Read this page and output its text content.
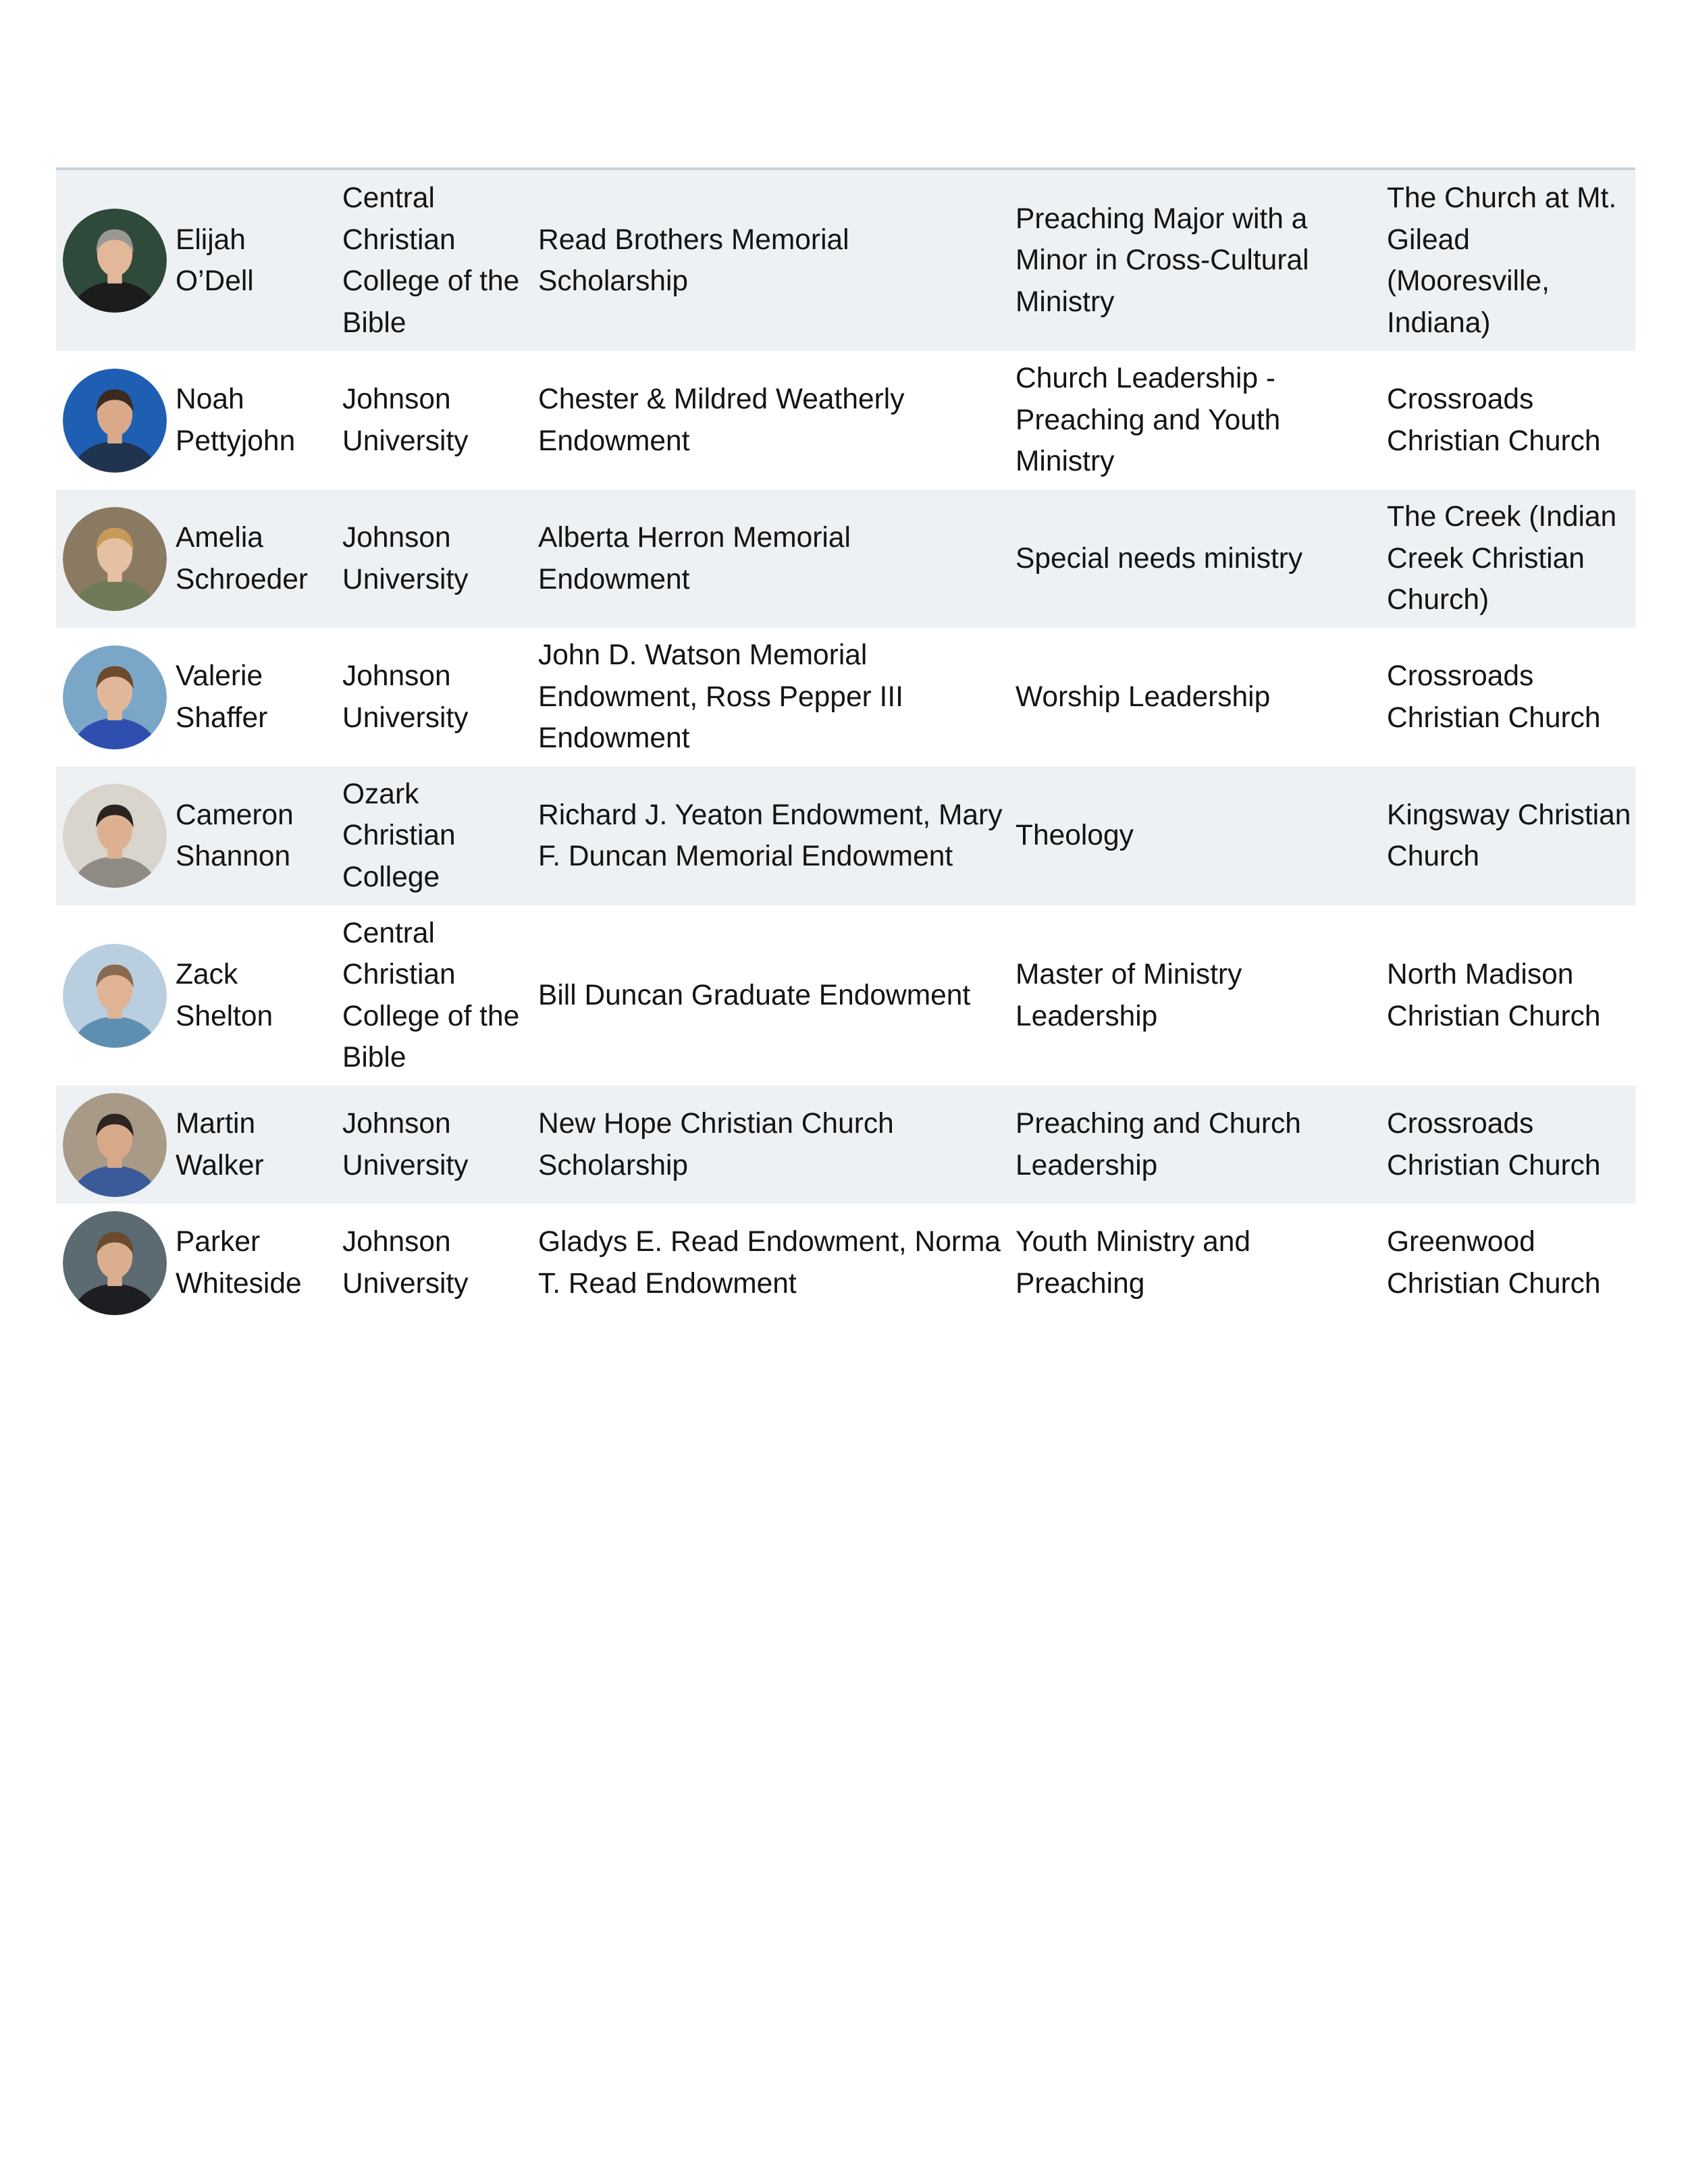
Elijah O’Dell
Central Christian College of the Bible
Read Brothers Memorial Scholarship
Preaching Major with a Minor in Cross-Cultural Ministry
The Church at Mt. Gilead (Mooresville, Indiana)
Noah Pettyjohn
Johnson University
Chester & Mildred Weatherly Endowment
Church Leadership - Preaching and Youth Ministry
Crossroads Christian Church
Amelia Schroeder
Johnson University
Alberta Herron Memorial Endowment
Special needs ministry
The Creek (Indian Creek Christian Church)
Valerie Shaffer
Johnson University
John D. Watson Memorial Endowment, Ross Pepper III Endowment
Worship Leadership
Crossroads Christian Church
Cameron Shannon
Ozark Christian College
Richard J. Yeaton Endowment, Mary F. Duncan Memorial Endowment
Theology
Kingsway Christian Church
Zack Shelton
Central Christian College of the Bible
Bill Duncan Graduate Endowment
Master of Ministry Leadership
North Madison Christian Church
Martin Walker
Johnson University
New Hope Christian Church Scholarship
Preaching and Church Leadership
Crossroads Christian Church
Parker Whiteside
Johnson University
Gladys E. Read Endowment, Norma T. Read Endowment
Youth Ministry and Preaching
Greenwood Christian Church
